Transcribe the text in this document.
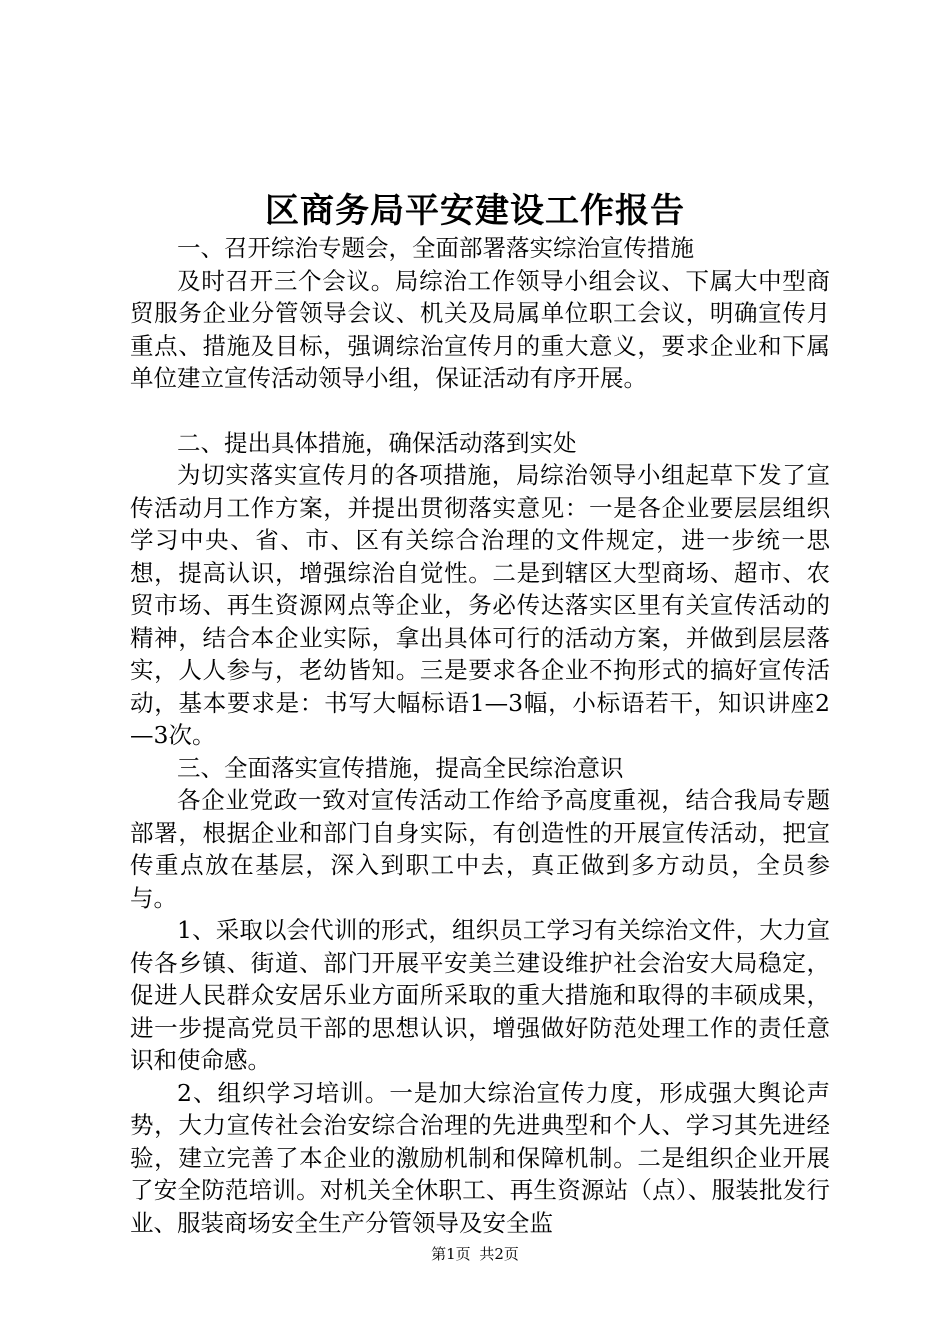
区商务局平安建设工作报告

一、召开综治专题会，全面部署落实综治宣传措施

及时召开三个会议。局综治工作领导小组会议、下属大中型商贸服务企业分管领导会议、机关及局属单位职工会议，明确宣传月重点、措施及目标，强调综治宣传月的重大意义，要求企业和下属单位建立宣传活动领导小组，保证活动有序开展。

二、提出具体措施，确保活动落到实处

为切实落实宣传月的各项措施，局综治领导小组起草下发了宣传活动月工作方案，并提出贯彻落实意见：一是各企业要层层组织学习中央、省、市、区有关综合治理的文件规定，进一步统一思想，提高认识，增强综治自觉性。二是到辖区大型商场、超市、农贸市场、再生资源网点等企业，务必传达落实区里有关宣传活动的精神，结合本企业实际，拿出具体可行的活动方案，并做到层层落实，人人参与，老幼皆知。三是要求各企业不拘形式的搞好宣传活动，基本要求是：书写大幅标语1—3幅，小标语若干，知识讲座2—3次。

三、全面落实宣传措施，提高全民综治意识

各企业党政一致对宣传活动工作给予高度重视，结合我局专题部署，根据企业和部门自身实际，有创造性的开展宣传活动，把宣传重点放在基层，深入到职工中去，真正做到多方动员，全员参与。

1、采取以会代训的形式，组织员工学习有关综治文件，大力宣传各乡镇、街道、部门开展平安美兰建设维护社会治安大局稳定，促进人民群众安居乐业方面所采取的重大措施和取得的丰硕成果，进一步提高党员干部的思想认识，增强做好防范处理工作的责任意识和使命感。

2、组织学习培训。一是加大综治宣传力度，形成强大舆论声势，大力宣传社会治安综合治理的先进典型和个人、学习其先进经验，建立完善了本企业的激励机制和保障机制。二是组织企业开展了安全防范培训。对机关全休职工、再生资源站（点）、服装批发行业、服装商场安全生产分管领导及安全监

第1页 共2页
